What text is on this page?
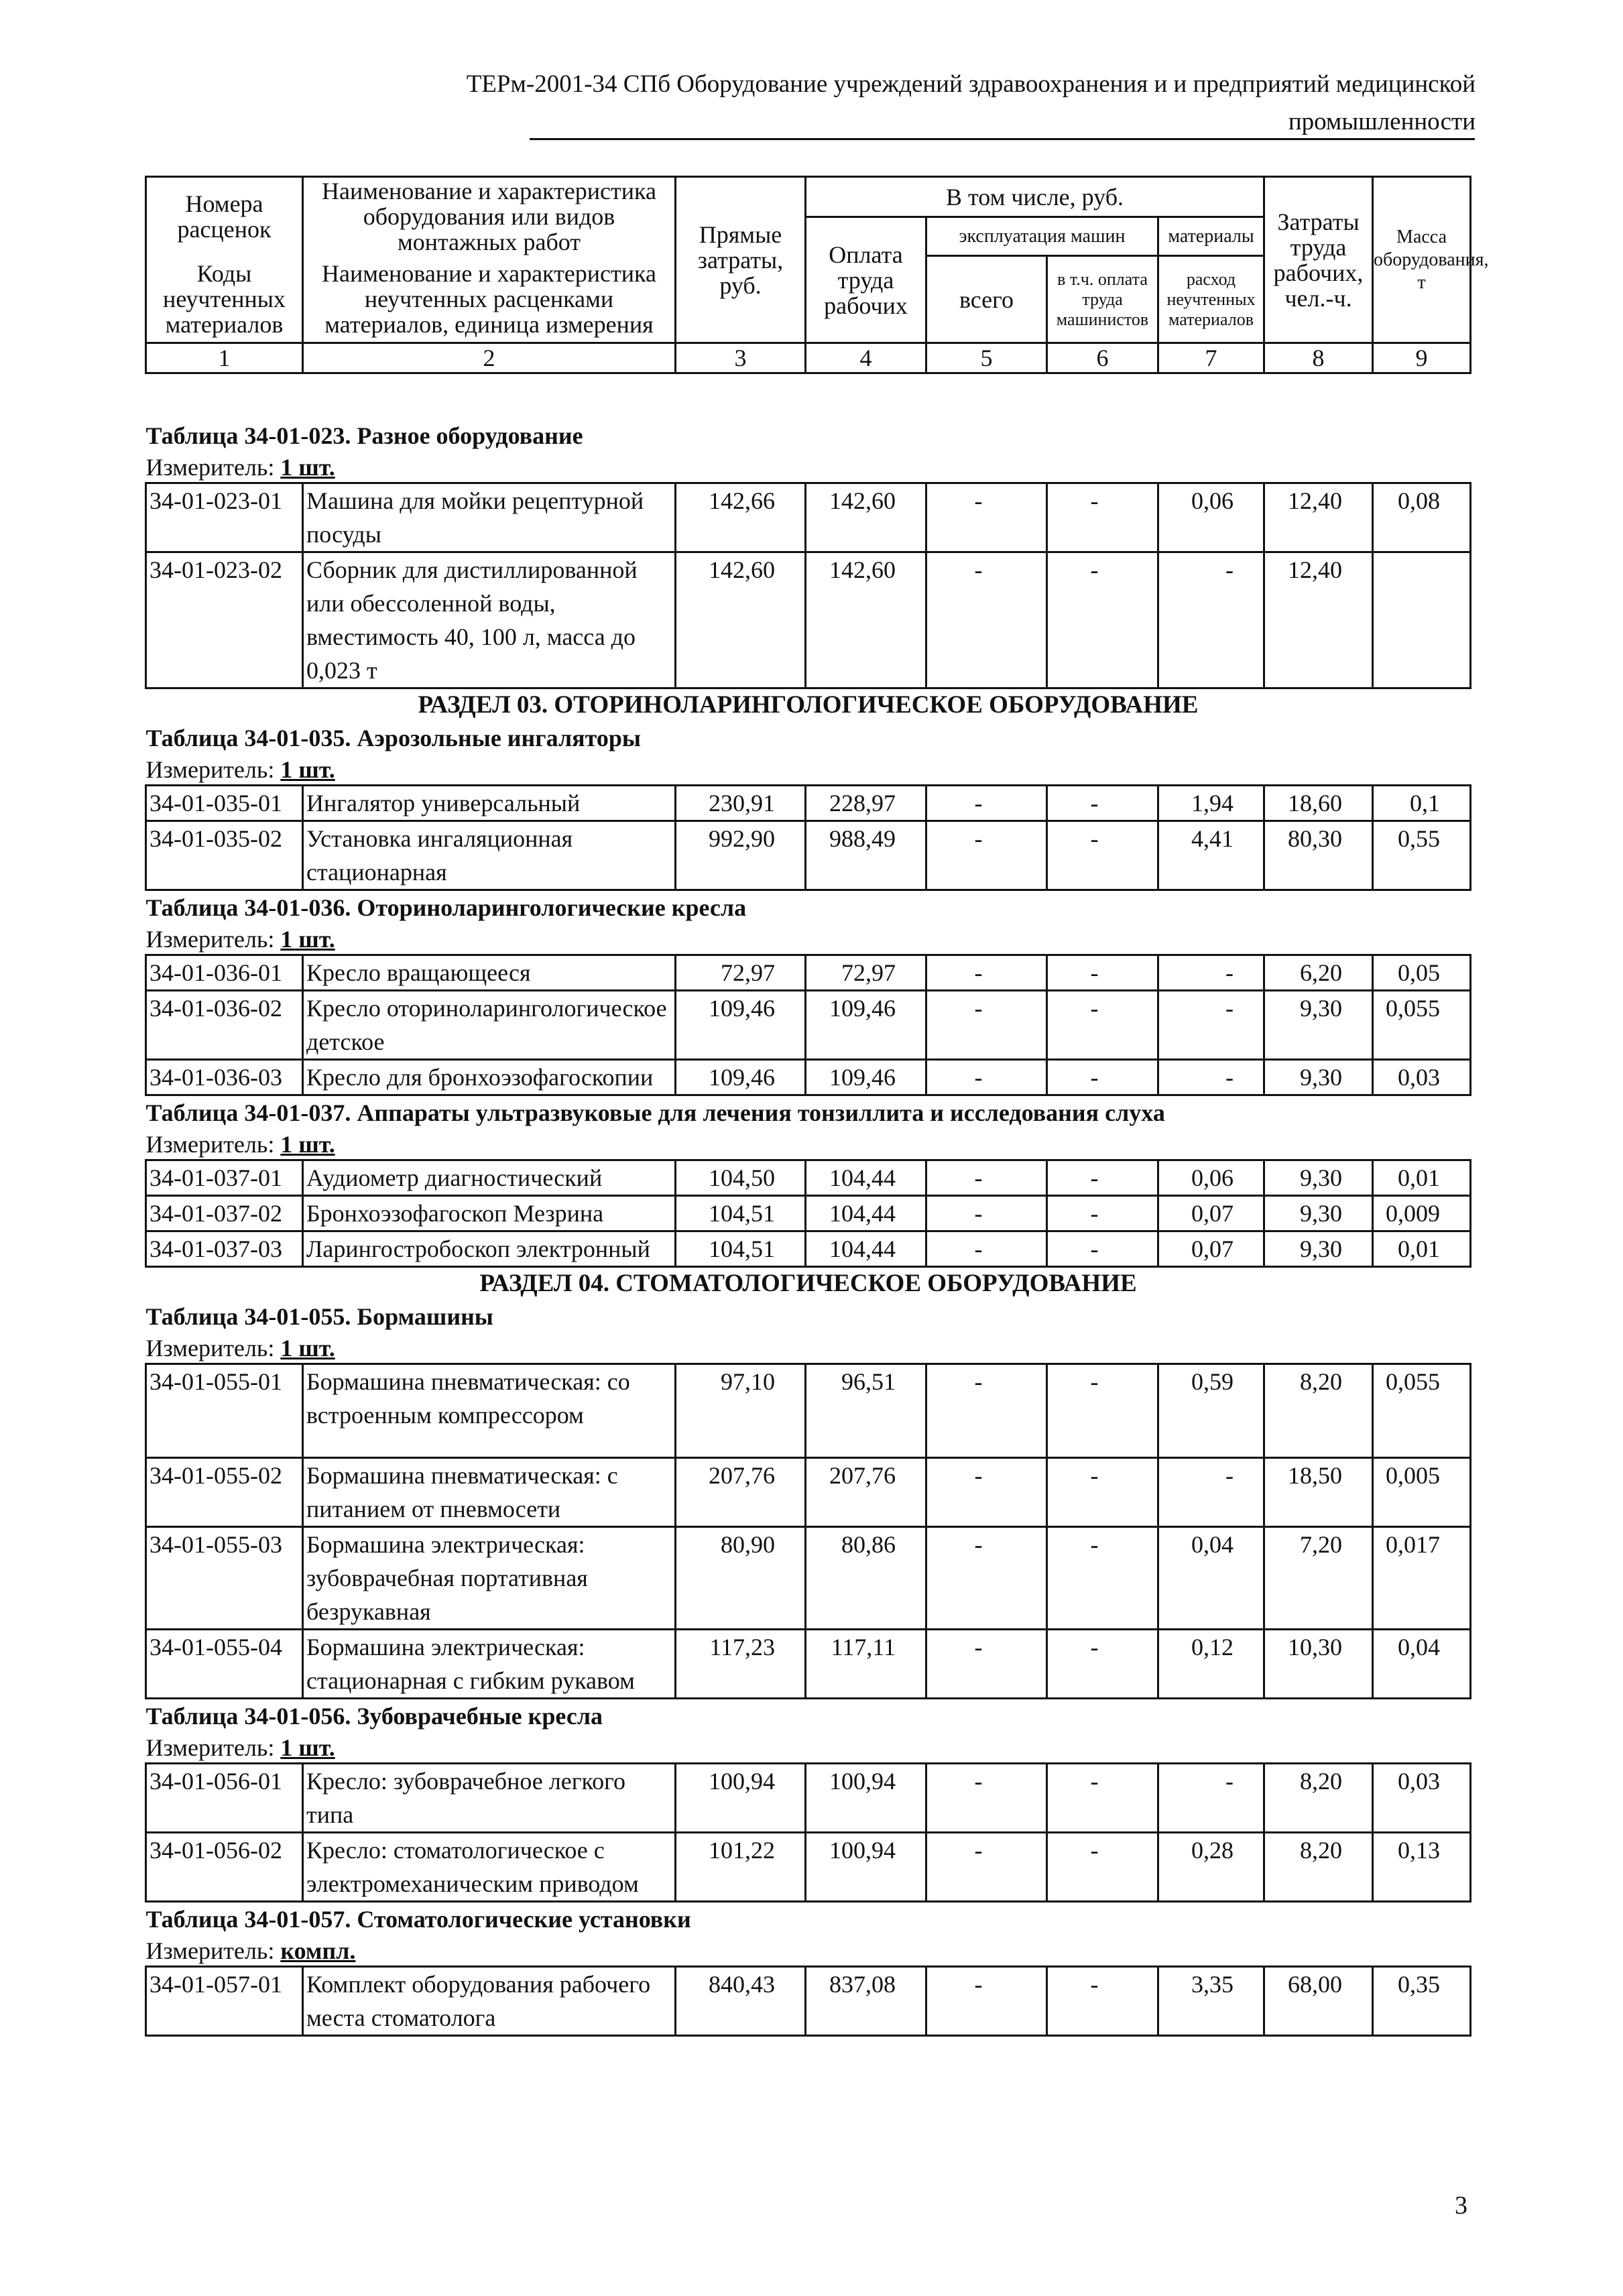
ТЕРм-2001-34 СПб Оборудование учреждений здравоохранения и и предприятий медицинской
промышленности
Номера расценок	Наименование и характеристика оборудования или видов монтажных работ	Прямые затраты, руб.	В том числе, руб.				Затраты труда рабочих, чел.-ч.	Масса оборудования, т
			Оплата труда рабочих	эксплуатация машин		материалы		
Коды неучтенных материалов	Наименование и характеристика неучтенных расценками материалов, единица измерения			всего	в т.ч. оплата труда машинистов	расход неучтенных материалов		

1	2	3	4	5	6	7	8	9
Таблица 34-01-023. Разное оборудование								
Измеритель: 1 шт.								
34-01-023-01	Машина для мойки рецептурной посуды	142,66	142,60	-	-	0,06	12,40	0,08
34-01-023-02	Сборник для дистиллированной или обессоленной воды, вместимость 40, 100 л, масса до 0,023 т	142,60	142,60	-	-	-	12,40	
РАЗДЕЛ 03. ОТОРИНОЛАРИНГОЛОГИЧЕСКОЕ ОБОРУДОВАНИЕ								
Таблица 34-01-035. Аэрозольные ингаляторы								
Измеритель: 1 шт.								
34-01-035-01	Ингалятор универсальный	230,91	228,97	-	-	1,94	18,60	0,1
34-01-035-02	Установка ингаляционная стационарная	992,90	988,49	-	-	4,41	80,30	0,55
Таблица 34-01-036. Оториноларингологические кресла								
Измеритель: 1 шт.								
34-01-036-01	Кресло вращающееся	72,97	72,97	-	-	-	6,20	0,05
34-01-036-02	Кресло оториноларингологическое детское	109,46	109,46	-	-	-	9,30	0,055
34-01-036-03	Кресло для бронхоэзофагоскопии	109,46	109,46	-	-	-	9,30	0,03
Таблица 34-01-037. Аппараты ультразвуковые для лечения тонзиллита и исследования слуха								
Измеритель: 1 шт.								
34-01-037-01	Аудиометр диагностический	104,50	104,44	-	-	0,06	9,30	0,01
34-01-037-02	Бронхоэзофагоскоп Мезрина	104,51	104,44	-	-	0,07	9,30	0,009
34-01-037-03	Ларингостробоскоп электронный	104,51	104,44	-	-	0,07	9,30	0,01
РАЗДЕЛ 04. СТОМАТОЛОГИЧЕСКОЕ ОБОРУДОВАНИЕ								
Таблица 34-01-055. Бормашины								
Измеритель: 1 шт.								
34-01-055-01	Бормашина пневматическая: со встроенным компрессором	97,10	96,51	-	-	0,59	8,20	0,055
34-01-055-02	Бормашина пневматическая: с питанием от пневмосети	207,76	207,76	-	-	-	18,50	0,005
34-01-055-03	Бормашина электрическая: зубоврачебная портативная безрукавная	80,90	80,86	-	-	0,04	7,20	0,017
34-01-055-04	Бормашина электрическая: стационарная с гибким рукавом	117,23	117,11	-	-	0,12	10,30	0,04
Таблица 34-01-056. Зубоврачебные кресла								
Измеритель: 1 шт.								
34-01-056-01	Кресло: зубоврачебное легкого типа	100,94	100,94	-	-	-	8,20	0,03
34-01-056-02	Кресло: стоматологическое с электромеханическим приводом	101,22	100,94	-	-	0,28	8,20	0,13
Таблица 34-01-057. Стоматологические установки								
Измеритель: компл.								
34-01-057-01	Комплект оборудования рабочего места стоматолога	840,43	837,08	-	-	3,35	68,00	0,35
3
